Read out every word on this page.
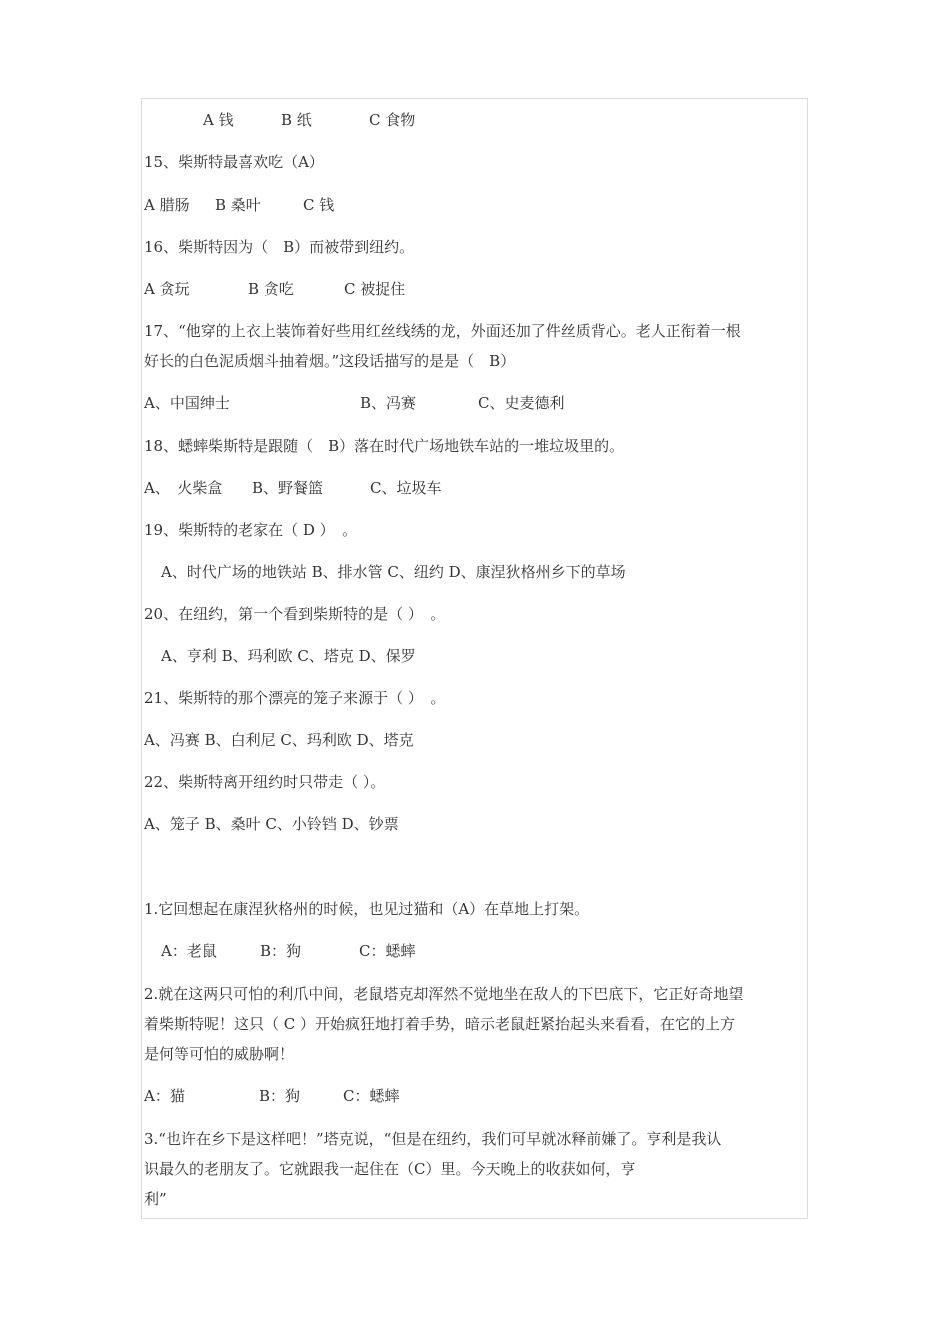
A 钱	B 纸	C 食物
15、柴斯特最喜欢吃（A）
A 腊肠 B 桑叶	C 钱
16、柴斯特因为（　B）而被带到纽约。
A 贪玩	B 贪吃	C 被捉住
17、“他穿的上衣上装饰着好些用红丝线绣的龙，外面还加了件丝质背心。老人正衔着一根
好长的白色泥质烟斗抽着烟。”这段话描写的是是（　B）
A、中国绅士	B、冯赛	C、史麦德利
18、蟋蟀柴斯特是跟随（　B）落在时代广场地铁车站的一堆垃圾里的。
A、　火柴盒 B、野餐篮	C、垃圾车
19、柴斯特的老家在（ D ）　。
A、时代广场的地铁站 B、排水管 C、纽约 D、康涅狄格州乡下的草场
20、在纽约，第一个看到柴斯特的是（ ）　。
A、亨利 B、玛利欧 C、塔克 D、保罗
21、柴斯特的那个漂亮的笼子来源于（ ）　。
A、冯赛 B、白利尼 C、玛利欧 D、塔克
22、柴斯特离开纽约时只带走（ ）。
A、笼子 B、桑叶 C、小铃铛 D、钞票
1.它回想起在康涅狄格州的时候，也见过猫和（A）在草地上打架。
A：老鼠	B：狗	C：蟋蟀
2.就在这两只可怕的利爪中间，老鼠塔克却浑然不觉地坐在敌人的下巴底下，它正好奇地望
着柴斯特呢！这只（ C ）开始疯狂地打着手势，暗示老鼠赶紧抬起头来看看，在它的上方
是何等可怕的威胁啊！
A：猫	B：狗	C：蟋蟀
3.“也许在乡下是这样吧！”塔克说，“但是在纽约，我们可早就冰释前嫌了。亨利是我认
识最久的老朋友了。它就跟我一起住在（C）里。今天晚上的收获如何，亨
利”
